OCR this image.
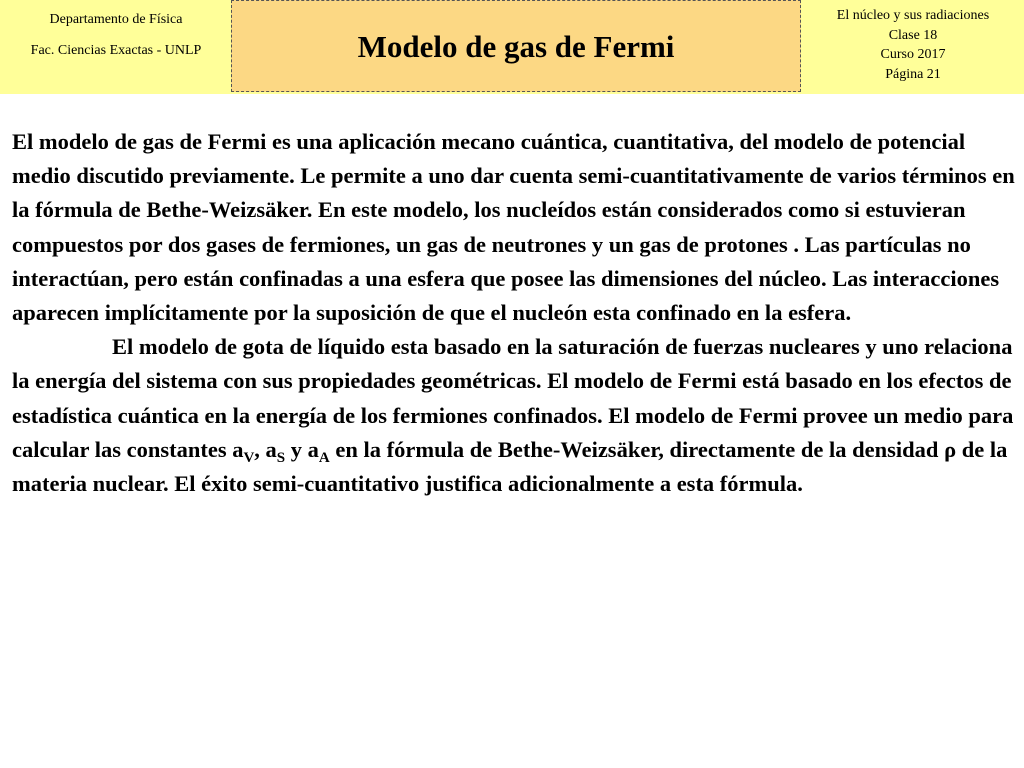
Departamento de Física
Fac. Ciencias Exactas - UNLP	Modelo de gas de Fermi
El núcleo y sus radiaciones
Clase 18
Curso 2017
Página 21

El modelo de gas de Fermi es una aplicación mecano cuántica, cuantitativa, del modelo de potencial medio discutido previamente. Le permite a uno dar cuenta semi-cuantitativamente de varios términos en la fórmula de Bethe-Weizsäker. En este modelo, los nucleídos están considerados como si estuvieran compuestos por dos gases de fermiones, un gas de neutrones y un gas de protones . Las partículas no interactúan, pero están confinadas a una esfera que posee las dimensiones del núcleo. Las interacciones aparecen implícitamente por la suposición de que el nucleón esta confinado en la esfera.

El modelo de gota de líquido esta basado en la saturación de fuerzas nucleares y uno relaciona la energía del sistema con sus propiedades geométricas. El modelo de Fermi está basado en los efectos de estadística cuántica en la energía de los fermiones confinados. El modelo de Fermi provee un medio para calcular las constantes $a_V$, $a_S$ y $a_A$ en la fórmula de Bethe-Weizsäker, directamente de la densidad ρ de la materia nuclear. El éxito semi-cuantitativo justifica adicionalmente a esta fórmula.
